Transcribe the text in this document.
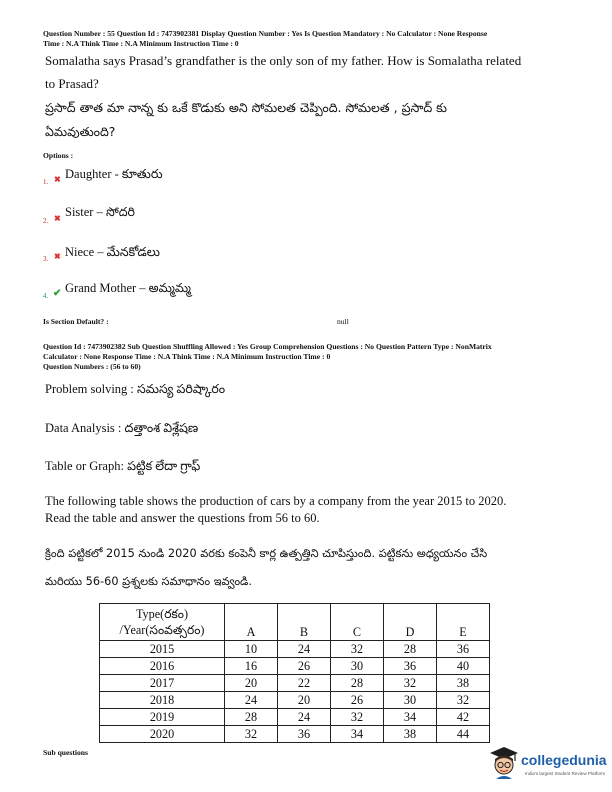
Question Number : 55 Question Id : 7473902381 Display Question Number : Yes Is Question Mandatory : No Calculator : None Response
Time : N.A Think Time : N.A Minimum Instruction Time : 0
Somalatha says Prasad’s grandfather is the only son of my father. How is Somalatha related
to Prasad?
ప్రసాద్ తాత మా నాన్న కు ఒకే కొడుకు అని సోమలత చెప్పింది. సోమలత , ప్రసాద్ కు
ఏమవుతుంది?
Options :
1. ✖ Daughter - కూతురు
2. ✖ Sister – సోదరి
3. ✖ Niece – మేనకోడలు
4. ✔ Grand Mother – అమ్మమ్మ
Is Section Default? :	null
Question Id : 7473902382 Sub Question Shuffling Allowed : Yes Group Comprehension Questions : No Question Pattern Type : NonMatrix
Calculator : None Response Time : N.A Think Time : N.A Minimum Instruction Time : 0
Question Numbers : (56 to 60)
Problem solving : సమస్య పరిష్కారం
Data Analysis : దత్తాంశ విశ్లేషణ
Table or Graph: పట్టిక లేదా గ్రాఫ్
The following table shows the production of cars by a company from the year 2015 to 2020.
Read the table and answer the questions from 56 to 60.
క్రింది పట్టికలో 2015 నుండి 2020 వరకు కంపెనీ కార్ల ఉత్పత్తిని చూపిస్తుంది. పట్టికను అధ్యయనం చేసి
మరియు 56-60 ప్రశ్నలకు సమాధానం ఇవ్వండి.
Type(రకం)
/Year(సంవత్సరం)	A	B	C	D	E
2015	10	24	32	28	36
2016	16	26	30	36	40
2017	20	22	28	32	38
2018	24	20	26	30	32
2019	28	24	32	34	42
2020	32	36	34	38	44
Sub questions	collegedunia
India's largest Student Review Platform
